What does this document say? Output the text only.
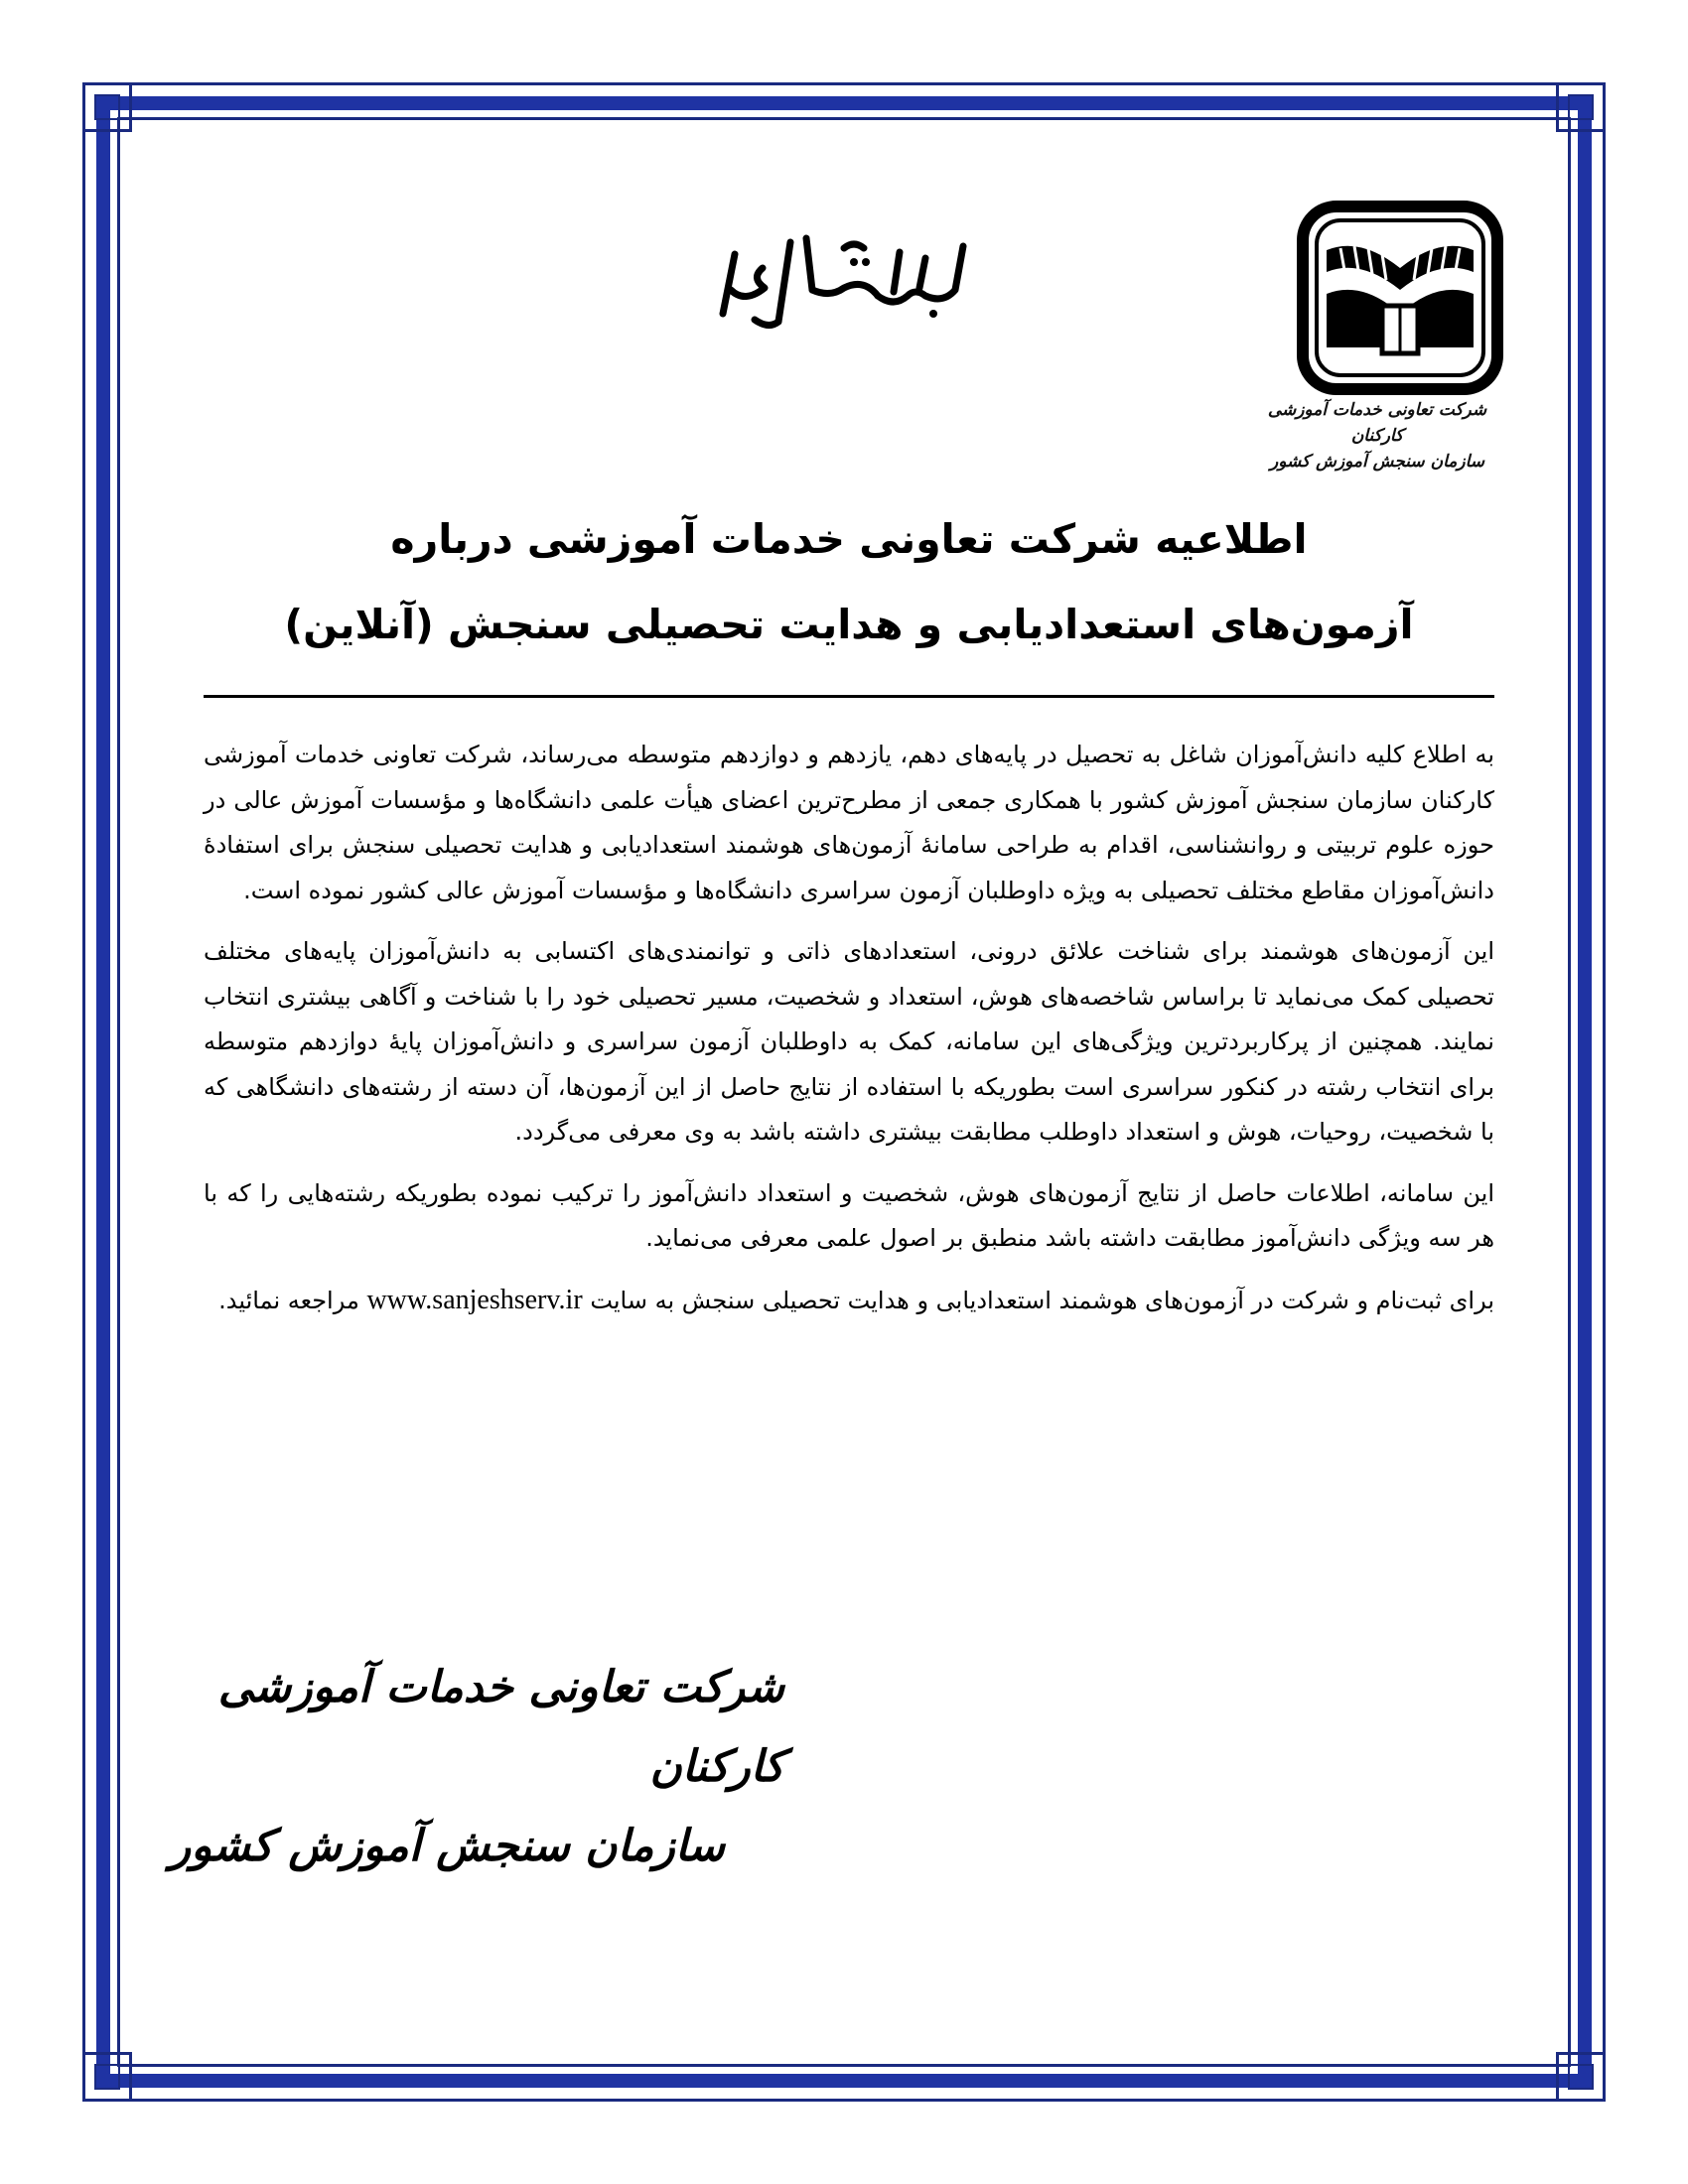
شرکت تعاونی خدمات آموزشی کارکنان
سازمان سنجش آموزش کشور
اطلاعیه شرکت تعاونی خدمات آموزشی درباره
آزمون‌های استعدادیابی و هدایت تحصیلی سنجش (آنلاین)

به اطلاع کلیه دانش‌آموزان شاغل به تحصیل در پایه‌های دهم، یازدهم و دوازدهم متوسطه می‌رساند، شرکت تعاونی خدمات آموزشی کارکنان سازمان سنجش آموزش کشور با همکاری جمعی از مطرح‌ترین اعضای هیأت علمی دانشگاه‌ها و مؤسسات آموزش عالی در حوزه علوم تربیتی و روانشناسی، اقدام به طراحی سامانهٔ آزمون‌های هوشمند استعدادیابی و هدایت تحصیلی سنجش برای استفادهٔ دانش‌آموزان مقاطع مختلف تحصیلی به ویژه داوطلبان آزمون سراسری دانشگاه‌ها و مؤسسات آموزش عالی کشور نموده است.

این آزمون‌های هوشمند برای شناخت علائق درونی، استعدادهای ذاتی و توانمندی‌های اکتسابی به دانش‌آموزان پایه‌های مختلف تحصیلی کمک می‌نماید تا براساس شاخصه‌های هوش، استعداد و شخصیت، مسیر تحصیلی خود را با شناخت و آگاهی بیشتری انتخاب نمایند. همچنین از پرکاربردترین ویژگی‌های این سامانه، کمک به داوطلبان آزمون سراسری و دانش‌آموزان پایهٔ دوازدهم متوسطه برای انتخاب رشته در کنکور سراسری است بطوریکه با استفاده از نتایج حاصل از این آزمون‌ها، آن دسته از رشته‌های دانشگاهی که با شخصیت، روحیات، هوش و استعداد داوطلب مطابقت بیشتری داشته باشد به وی معرفی می‌گردد.

این سامانه، اطلاعات حاصل از نتایج آزمون‌های هوش، شخصیت و استعداد دانش‌آموز را ترکیب نموده بطوریکه رشته‌هایی را که با هر سه ویژگی دانش‌آموز مطابقت داشته باشد منطبق بر اصول علمی معرفی می‌نماید.

برای ثبت‌نام و شرکت در آزمون‌های هوشمند استعدادیابی و هدایت تحصیلی سنجش به سایت www.sanjeshserv.ir مراجعه نمائید.

شرکت تعاونی خدمات آموزشی کارکنان
سازمان سنجش آموزش کشور
